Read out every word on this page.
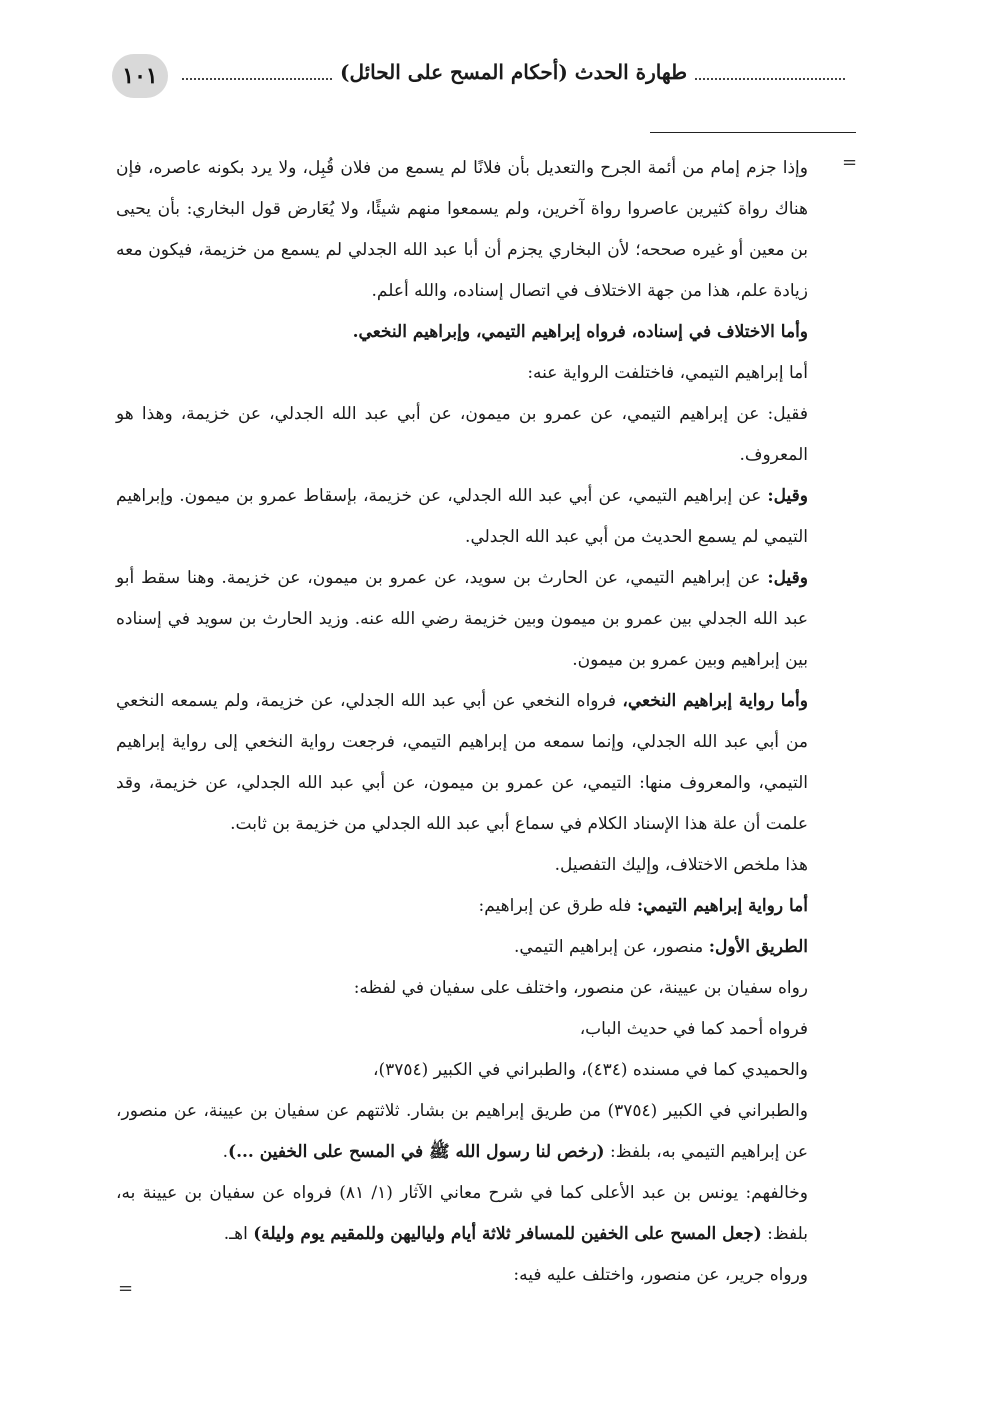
١٠١	طهارة الحدث (أحكام المسح على الحائل)
=
=

وإذا جزم إمام من أئمة الجرح والتعديل بأن فلانًا لم يسمع من فلان قُبِل، ولا يرد بكونه عاصره، فإن هناك رواة كثيرين عاصروا رواة آخرين، ولم يسمعوا منهم شيئًا، ولا يُعَارض قول البخاري: بأن يحيى بن معين أو غيره صححه؛ لأن البخاري يجزم أن أبا عبد الله الجدلي لم يسمع من خزيمة، فيكون معه زيادة علم، هذا من جهة الاختلاف في اتصال إسناده، والله أعلم.

وأما الاختلاف في إسناده، فرواه إبراهيم التيمي، وإبراهيم النخعي.

أما إبراهيم التيمي، فاختلفت الرواية عنه:

فقيل: عن إبراهيم التيمي، عن عمرو بن ميمون، عن أبي عبد الله الجدلي، عن خزيمة، وهذا هو المعروف.

وقيل: عن إبراهيم التيمي، عن أبي عبد الله الجدلي، عن خزيمة، بإسقاط عمرو بن ميمون. وإبراهيم التيمي لم يسمع الحديث من أبي عبد الله الجدلي.

وقيل: عن إبراهيم التيمي، عن الحارث بن سويد، عن عمرو بن ميمون، عن خزيمة. وهنا سقط أبو عبد الله الجدلي بين عمرو بن ميمون وبين خزيمة رضي الله عنه. وزيد الحارث بن سويد في إسناده بين إبراهيم وبين عمرو بن ميمون.

وأما رواية إبراهيم النخعي، فرواه النخعي عن أبي عبد الله الجدلي، عن خزيمة، ولم يسمعه النخعي من أبي عبد الله الجدلي، وإنما سمعه من إبراهيم التيمي، فرجعت رواية النخعي إلى رواية إبراهيم التيمي، والمعروف منها: التيمي، عن عمرو بن ميمون، عن أبي عبد الله الجدلي، عن خزيمة، وقد علمت أن علة هذا الإسناد الكلام في سماع أبي عبد الله الجدلي من خزيمة بن ثابت.

هذا ملخص الاختلاف، وإليك التفصيل.

أما رواية إبراهيم التيمي: فله طرق عن إبراهيم:

الطريق الأول: منصور، عن إبراهيم التيمي.

رواه سفيان بن عيينة، عن منصور، واختلف على سفيان في لفظه:

فرواه أحمد كما في حديث الباب،

والحميدي كما في مسنده (٤٣٤)، والطبراني في الكبير (٣٧٥٤)،

والطبراني في الكبير (٣٧٥٤) من طريق إبراهيم بن بشار. ثلاثتهم عن سفيان بن عيينة، عن منصور، عن إبراهيم التيمي به، بلفظ: (رخص لنا رسول الله ﷺ في المسح على الخفين ...).

وخالفهم: يونس بن عبد الأعلى كما في شرح معاني الآثار (١/ ٨١) فرواه عن سفيان بن عيينة به، بلفظ: (جعل المسح على الخفين للمسافر ثلاثة أيام ولياليهن وللمقيم يوم وليلة) اهـ.

ورواه جرير، عن منصور، واختلف عليه فيه:
